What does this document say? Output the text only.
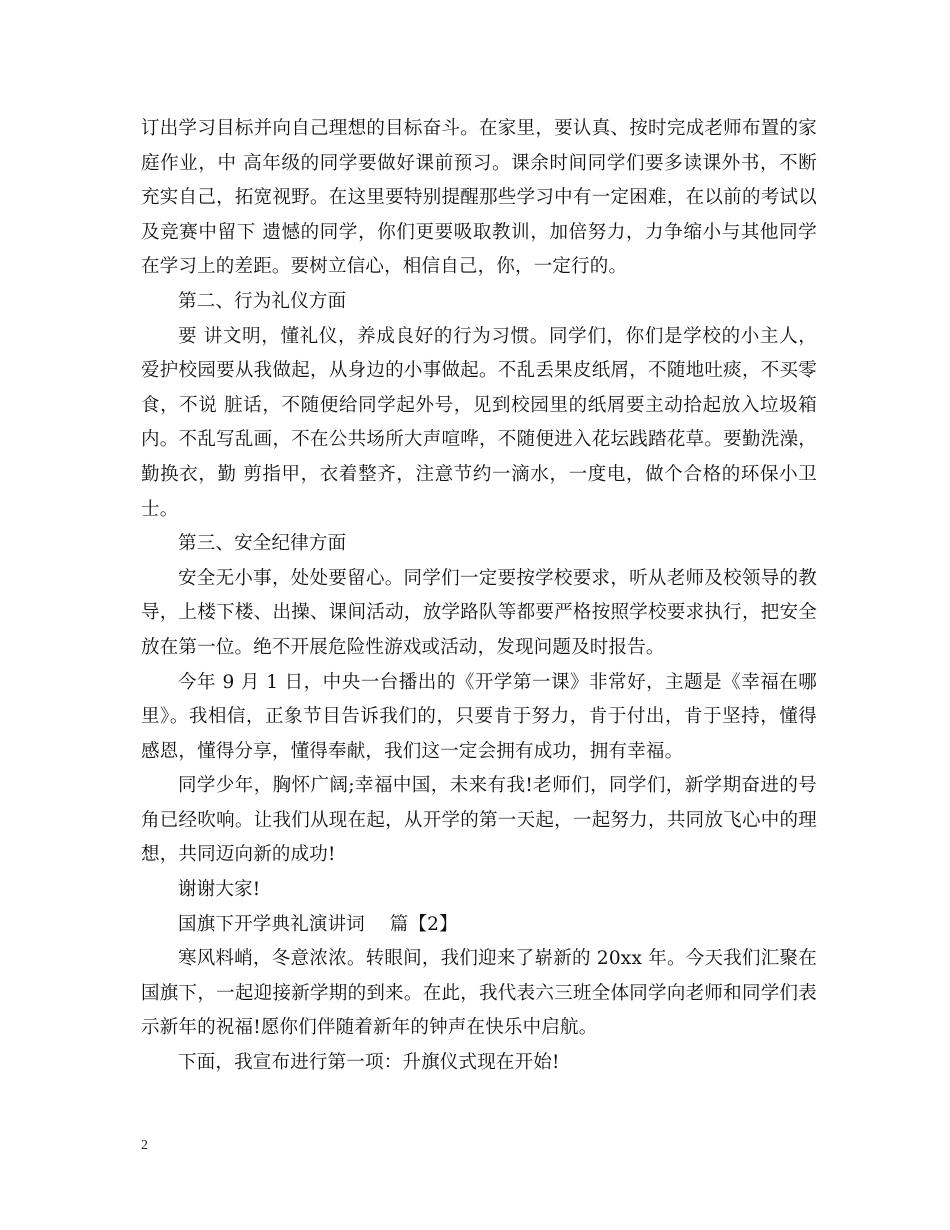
订出学习目标并向自己理想的目标奋斗。在家里，要认真、按时完成老师布置的家庭作业，中 高年级的同学要做好课前预习。课余时间同学们要多读课外书，不断充实自己，拓宽视野。在这里要特别提醒那些学习中有一定困难，在以前的考试以及竞赛中留下 遗憾的同学，你们更要吸取教训，加倍努力，力争缩小与其他同学在学习上的差距。要树立信心，相信自己，你，一定行的。

第二、行为礼仪方面

要 讲文明，懂礼仪，养成良好的行为习惯。同学们，你们是学校的小主人，爱护校园要从我做起，从身边的小事做起。不乱丢果皮纸屑，不随地吐痰，不买零食，不说 脏话，不随便给同学起外号，见到校园里的纸屑要主动拾起放入垃圾箱内。不乱写乱画，不在公共场所大声喧哗，不随便进入花坛践踏花草。要勤洗澡，勤换衣，勤 剪指甲，衣着整齐，注意节约一滴水，一度电，做个合格的环保小卫士。

第三、安全纪律方面

安全无小事，处处要留心。同学们一定要按学校要求，听从老师及校领导的教导，上楼下楼、出操、课间活动，放学路队等都要严格按照学校要求执行，把安全放在第一位。绝不开展危险性游戏或活动，发现问题及时报告。

今年 9 月 1 日，中央一台播出的《开学第一课》非常好，主题是《幸福在哪里》。我相信，正象节目告诉我们的，只要肯于努力，肯于付出，肯于坚持，懂得感恩，懂得分享，懂得奉献，我们这一定会拥有成功，拥有幸福。

同学少年，胸怀广阔;幸福中国，未来有我!老师们，同学们，新学期奋进的号角已经吹响。让我们从现在起，从开学的第一天起，一起努力，共同放飞心中的理想，共同迈向新的成功!

谢谢大家!

国旗下开学典礼演讲词　 篇【2】

寒风料峭，冬意浓浓。转眼间，我们迎来了崭新的 20xx 年。今天我们汇聚在国旗下，一起迎接新学期的到来。在此，我代表六三班全体同学向老师和同学们表示新年的祝福!愿你们伴随着新年的钟声在快乐中启航。

下面，我宣布进行第一项：升旗仪式现在开始!

2
